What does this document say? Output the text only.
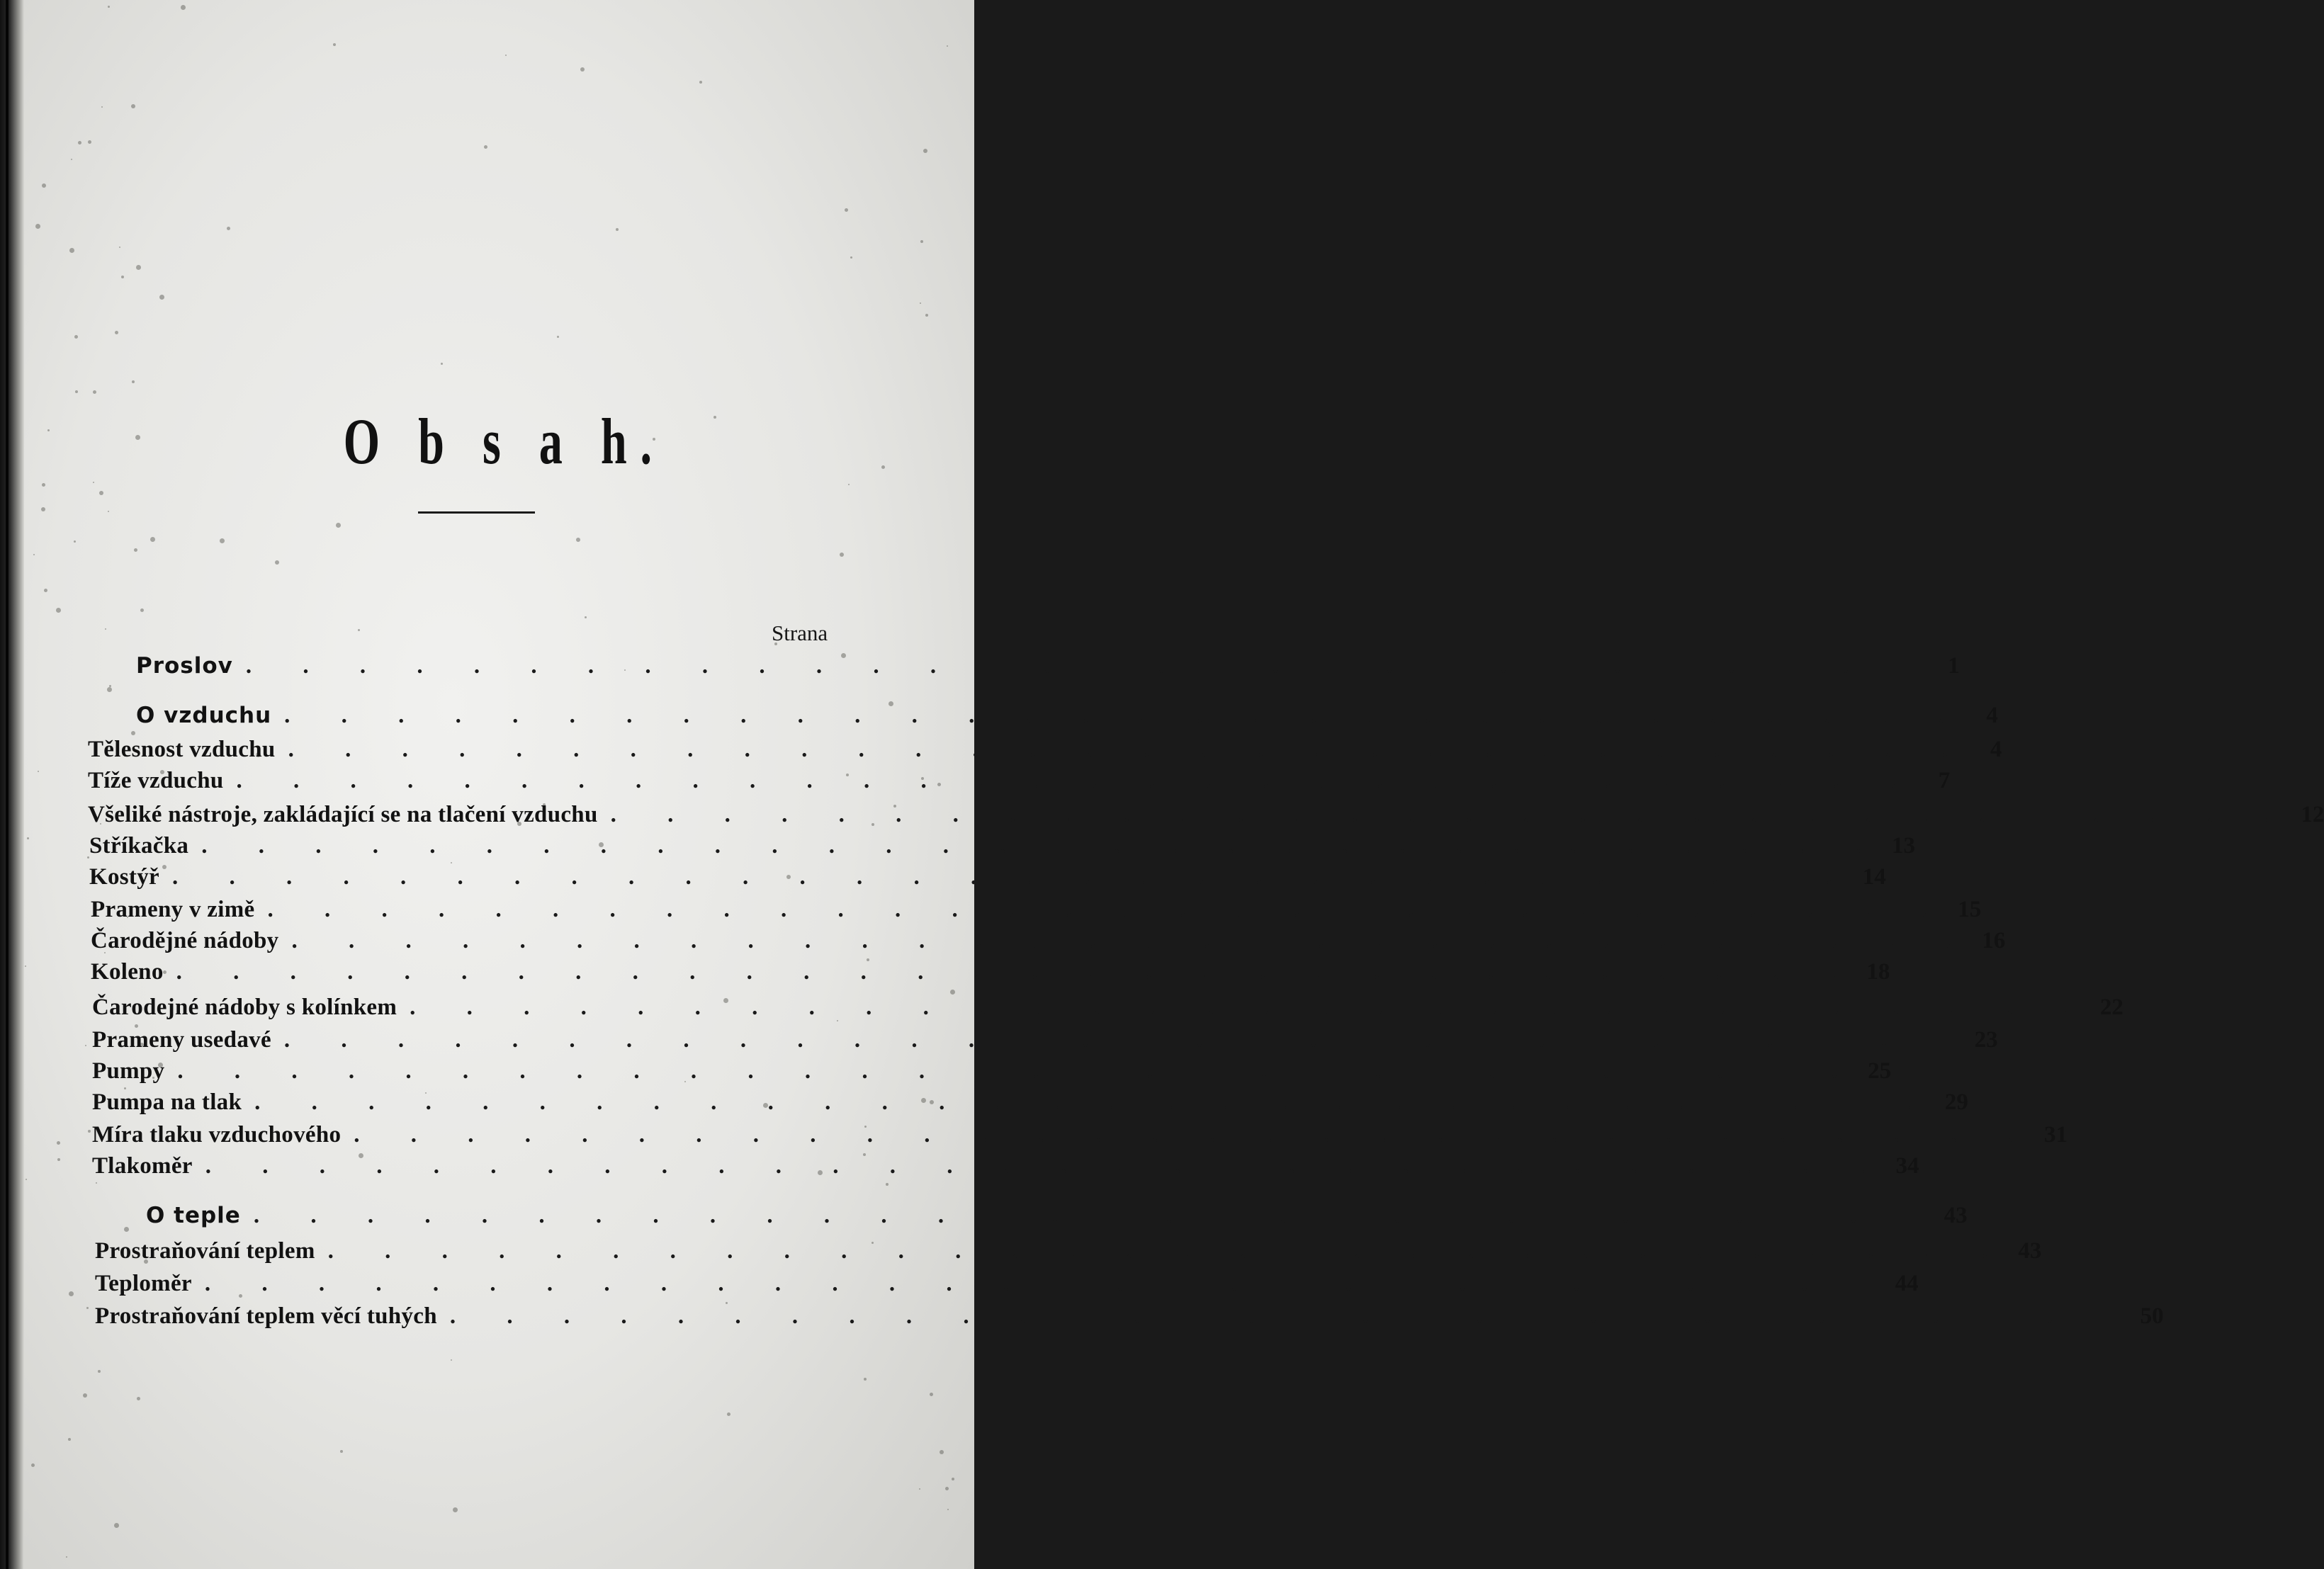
O b s a h.
Strana
Proslov . . . . . . . . . . . . . . . . . . . . . . . . . . . . . . 1
O vzduchu . . . . . . . . . . . . . . . . . . . . . . . . . . . . . . 4
Tělesnost vzduchu . . . . . . . . . . . . . . . . . . . . . . . . . . . . . . 4
Tíže vzduchu . . . . . . . . . . . . . . . . . . . . . . . . . . . . . . 7
Všeliké nástroje, zakládající se na tlačení vzduchu . . . . . . . . . . . . . . . . . . . . . . . . . . . . . . 12
Stříkačka . . . . . . . . . . . . . . . . . . . . . . . . . . . . . . 13
Kostýř . . . . . . . . . . . . . . . . . . . . . . . . . . . . . . 14
Prameny v zimě . . . . . . . . . . . . . . . . . . . . . . . . . . . . . . 15
Čarodějné nádoby . . . . . . . . . . . . . . . . . . . . . . . . . . . . . . 16
Koleno . . . . . . . . . . . . . . . . . . . . . . . . . . . . . . 18
Čarodejné nádoby s kolínkem . . . . . . . . . . . . . . . . . . . . . . . . . . . . . . 22
Prameny usedavé . . . . . . . . . . . . . . . . . . . . . . . . . . . . . . 23
Pumpy . . . . . . . . . . . . . . . . . . . . . . . . . . . . . . 25
Pumpa na tlak . . . . . . . . . . . . . . . . . . . . . . . . . . . . . . 29
Míra tlaku vzduchového . . . . . . . . . . . . . . . . . . . . . . . . . . . . . . 31
Tlakoměr . . . . . . . . . . . . . . . . . . . . . . . . . . . . . . 34
O teple . . . . . . . . . . . . . . . . . . . . . . . . . . . . . . 43
Prostraňování teplem . . . . . . . . . . . . . . . . . . . . . . . . . . . . . . 43
Teploměr . . . . . . . . . . . . . . . . . . . . . . . . . . . . . . 44
Prostraňování teplem věcí tuhých . . . . . . . . . . . . . . . . . . . . . . . . . . . . . . 50
